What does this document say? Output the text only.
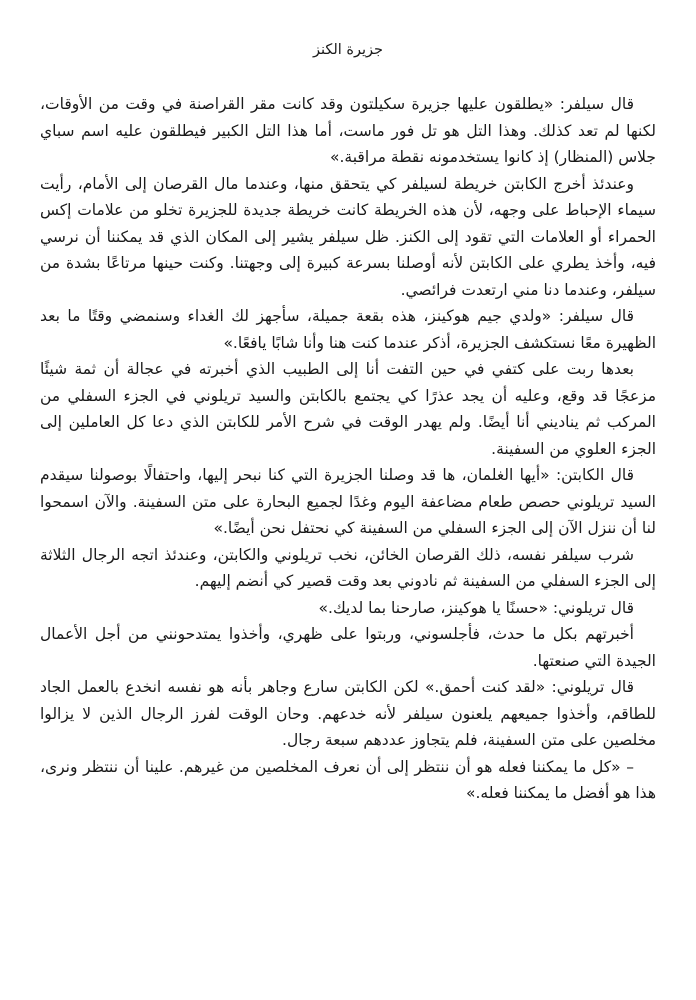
جزيرة الكنز

قال سيلفر: «يطلقون عليها جزيرة سكيلتون وقد كانت مقر القراصنة في وقت من الأوقات، لكنها لم تعد كذلك. وهذا التل هو تل فور ماست، أما هذا التل الكبير فيطلقون عليه اسم سباي جلاس (المنظار) إذ كانوا يستخدمونه نقطة مراقبة.»

وعندئذ أخرج الكابتن خريطة لسيلفر كي يتحقق منها، وعندما مال القرصان إلى الأمام، رأيت سيماء الإحباط على وجهه، لأن هذه الخريطة كانت خريطة جديدة للجزيرة تخلو من علامات إكس الحمراء أو العلامات التي تقود إلى الكنز. ظل سيلفر يشير إلى المكان الذي قد يمكننا أن نرسي فيه، وأخذ يطري على الكابتن لأنه أوصلنا بسرعة كبيرة إلى وجهتنا. وكنت حينها مرتاعًا بشدة من سيلفر، وعندما دنا مني ارتعدت فرائصي.

قال سيلفر: «ولدي جيم هوكينز، هذه بقعة جميلة، سأجهز لك الغداء وسنمضي وقتًا ما بعد الظهيرة معًا نستكشف الجزيرة، أذكر عندما كنت هنا وأنا شابًا يافعًا.»

بعدها ربت على كتفي في حين التفت أنا إلى الطبيب الذي أخبرته في عجالة أن ثمة شيئًا مزعجًا قد وقع، وعليه أن يجد عذرًا كي يجتمع بالكابتن والسيد تريلوني في الجزء السفلي من المركب ثم يناديني أنا أيضًا. ولم يهدر الوقت في شرح الأمر للكابتن الذي دعا كل العاملين إلى الجزء العلوي من السفينة.

قال الكابتن: «أيها الغلمان، ها قد وصلنا الجزيرة التي كنا نبحر إليها، واحتفالًا بوصولنا سيقدم السيد تريلوني حصص طعام مضاعفة اليوم وغدًا لجميع البحارة على متن السفينة. والآن اسمحوا لنا أن ننزل الآن إلى الجزء السفلي من السفينة كي نحتفل نحن أيضًا.»

شرب سيلفر نفسه، ذلك القرصان الخائن، نخب تريلوني والكابتن، وعندئذ اتجه الرجال الثلاثة إلى الجزء السفلي من السفينة ثم نادوني بعد وقت قصير كي أنضم إليهم.

قال تريلوني: «حسنًا يا هوكينز، صارحنا بما لديك.»

أخبرتهم بكل ما حدث، فأجلسوني، وربتوا على ظهري، وأخذوا يمتدحونني من أجل الأعمال الجيدة التي صنعتها.

قال تريلوني: «لقد كنت أحمق.» لكن الكابتن سارع وجاهر بأنه هو نفسه انخدع بالعمل الجاد للطاقم، وأخذوا جميعهم يلعنون سيلفر لأنه خدعهم. وحان الوقت لفرز الرجال الذين لا يزالوا مخلصين على متن السفينة، فلم يتجاوز عددهم سبعة رجال.

– «كل ما يمكننا فعله هو أن ننتظر إلى أن نعرف المخلصين من غيرهم. علينا أن ننتظر ونرى، هذا هو أفضل ما يمكننا فعله.»
